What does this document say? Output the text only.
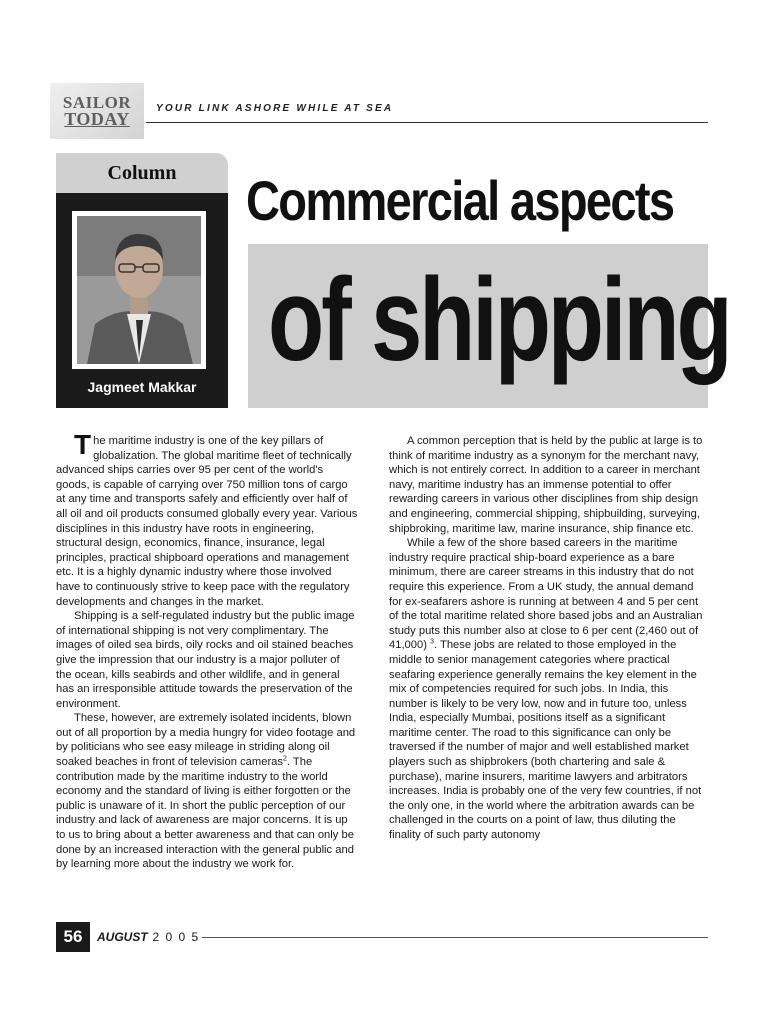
SAILOR
TODAY
YOUR LINK ASHORE WHILE AT SEA
Column
Jagmeet Makkar
Commercial aspects
of shipping

The maritime industry is one of the key pillars of globalization. The global maritime fleet of technically advanced ships carries over 95 per cent of the world's goods, is capable of carrying over 750 million tons of cargo at any time and transports safely and efficiently over half of all oil and oil products consumed globally every year. Various disciplines in this industry have roots in engineering, structural design, economics, finance, insurance, legal principles, practical shipboard operations and management etc. It is a highly dynamic industry where those involved have to continuously strive to keep pace with the regulatory developments and changes in the market.

Shipping is a self-regulated industry but the public image of international shipping is not very complimentary. The images of oiled sea birds, oily rocks and oil stained beaches give the impression that our industry is a major polluter of the ocean, kills seabirds and other wildlife, and in general has an irresponsible attitude towards the preservation of the environment.

These, however, are extremely isolated incidents, blown out of all proportion by a media hungry for video footage and by politicians who see easy mileage in striding along oil soaked beaches in front of television cameras$^2$. The contribution made by the maritime industry to the world economy and the standard of living is either forgotten or the public is unaware of it. In short the public perception of our industry and lack of awareness are major concerns. It is up to us to bring about a better awareness and that can only be done by an increased interaction with the general public and by learning more about the industry we work for.

A common perception that is held by the public at large is to think of maritime industry as a synonym for the merchant navy, which is not entirely correct. In addition to a career in merchant navy, maritime industry has an immense potential to offer rewarding careers in various other disciplines from ship design and engineering, commercial shipping, shipbuilding, surveying, shipbroking, maritime law, marine insurance, ship finance etc.

While a few of the shore based careers in the maritime industry require practical ship-board experience as a bare minimum, there are career streams in this industry that do not require this experience. From a UK study, the annual demand for ex-seafarers ashore is running at between 4 and 5 per cent of the total maritime related shore based jobs and an Australian study puts this number also at close to 6 per cent (2,460 out of 41,000) $^3$. These jobs are related to those employed in the middle to senior management categories where practical seafaring experience generally remains the key element in the mix of competencies required for such jobs. In India, this number is likely to be very low, now and in future too, unless India, especially Mumbai, positions itself as a significant maritime center. The road to this significance can only be traversed if the number of major and well established market players such as shipbrokers (both chartering and sale & purchase), marine insurers, maritime lawyers and arbitrators increases. India is probably one of the very few countries, if not the only one, in the world where the arbitration awards can be challenged in the courts on a point of law, thus diluting the finality of such party autonomy

56	AUGUST 2 0 0 5
